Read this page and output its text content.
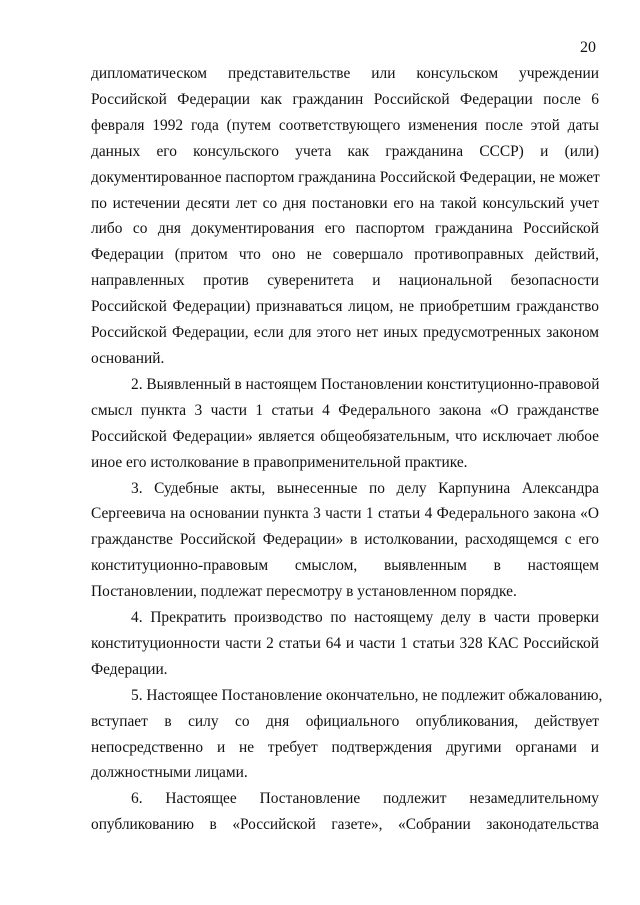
20
дипломатическом представительстве или консульском учреждении
Российской Федерации как гражданин Российской Федерации после 6
февраля 1992 года (путем соответствующего изменения после этой даты
данных его консульского учета как гражданина СССР) и (или)
документированное паспортом гражданина Российской Федерации, не может
по истечении десяти лет со дня постановки его на такой консульский учет
либо со дня документирования его паспортом гражданина Российской
Федерации (притом что оно не совершало противоправных действий,
направленных против суверенитета и национальной безопасности
Российской Федерации) признаваться лицом, не приобретшим гражданство
Российской Федерации, если для этого нет иных предусмотренных законом
оснований.
2. Выявленный в настоящем Постановлении конституционно-правовой
смысл пункта 3 части 1 статьи 4 Федерального закона «О гражданстве
Российской Федерации» является общеобязательным, что исключает любое
иное его истолкование в правоприменительной практике.
3. Судебные акты, вынесенные по делу Карпунина Александра
Сергеевича на основании пункта 3 части 1 статьи 4 Федерального закона «О
гражданстве Российской Федерации» в истолковании, расходящемся с его
конституционно-правовым смыслом, выявленным в настоящем
Постановлении, подлежат пересмотру в установленном порядке.
4. Прекратить производство по настоящему делу в части проверки
конституционности части 2 статьи 64 и части 1 статьи 328 КАС Российской
Федерации.
5. Настоящее Постановление окончательно, не подлежит обжалованию,
вступает в силу со дня официального опубликования, действует
непосредственно и не требует подтверждения другими органами и
должностными лицами.
6. Настоящее Постановление подлежит незамедлительному
опубликованию в «Российской газете», «Собрании законодательства
